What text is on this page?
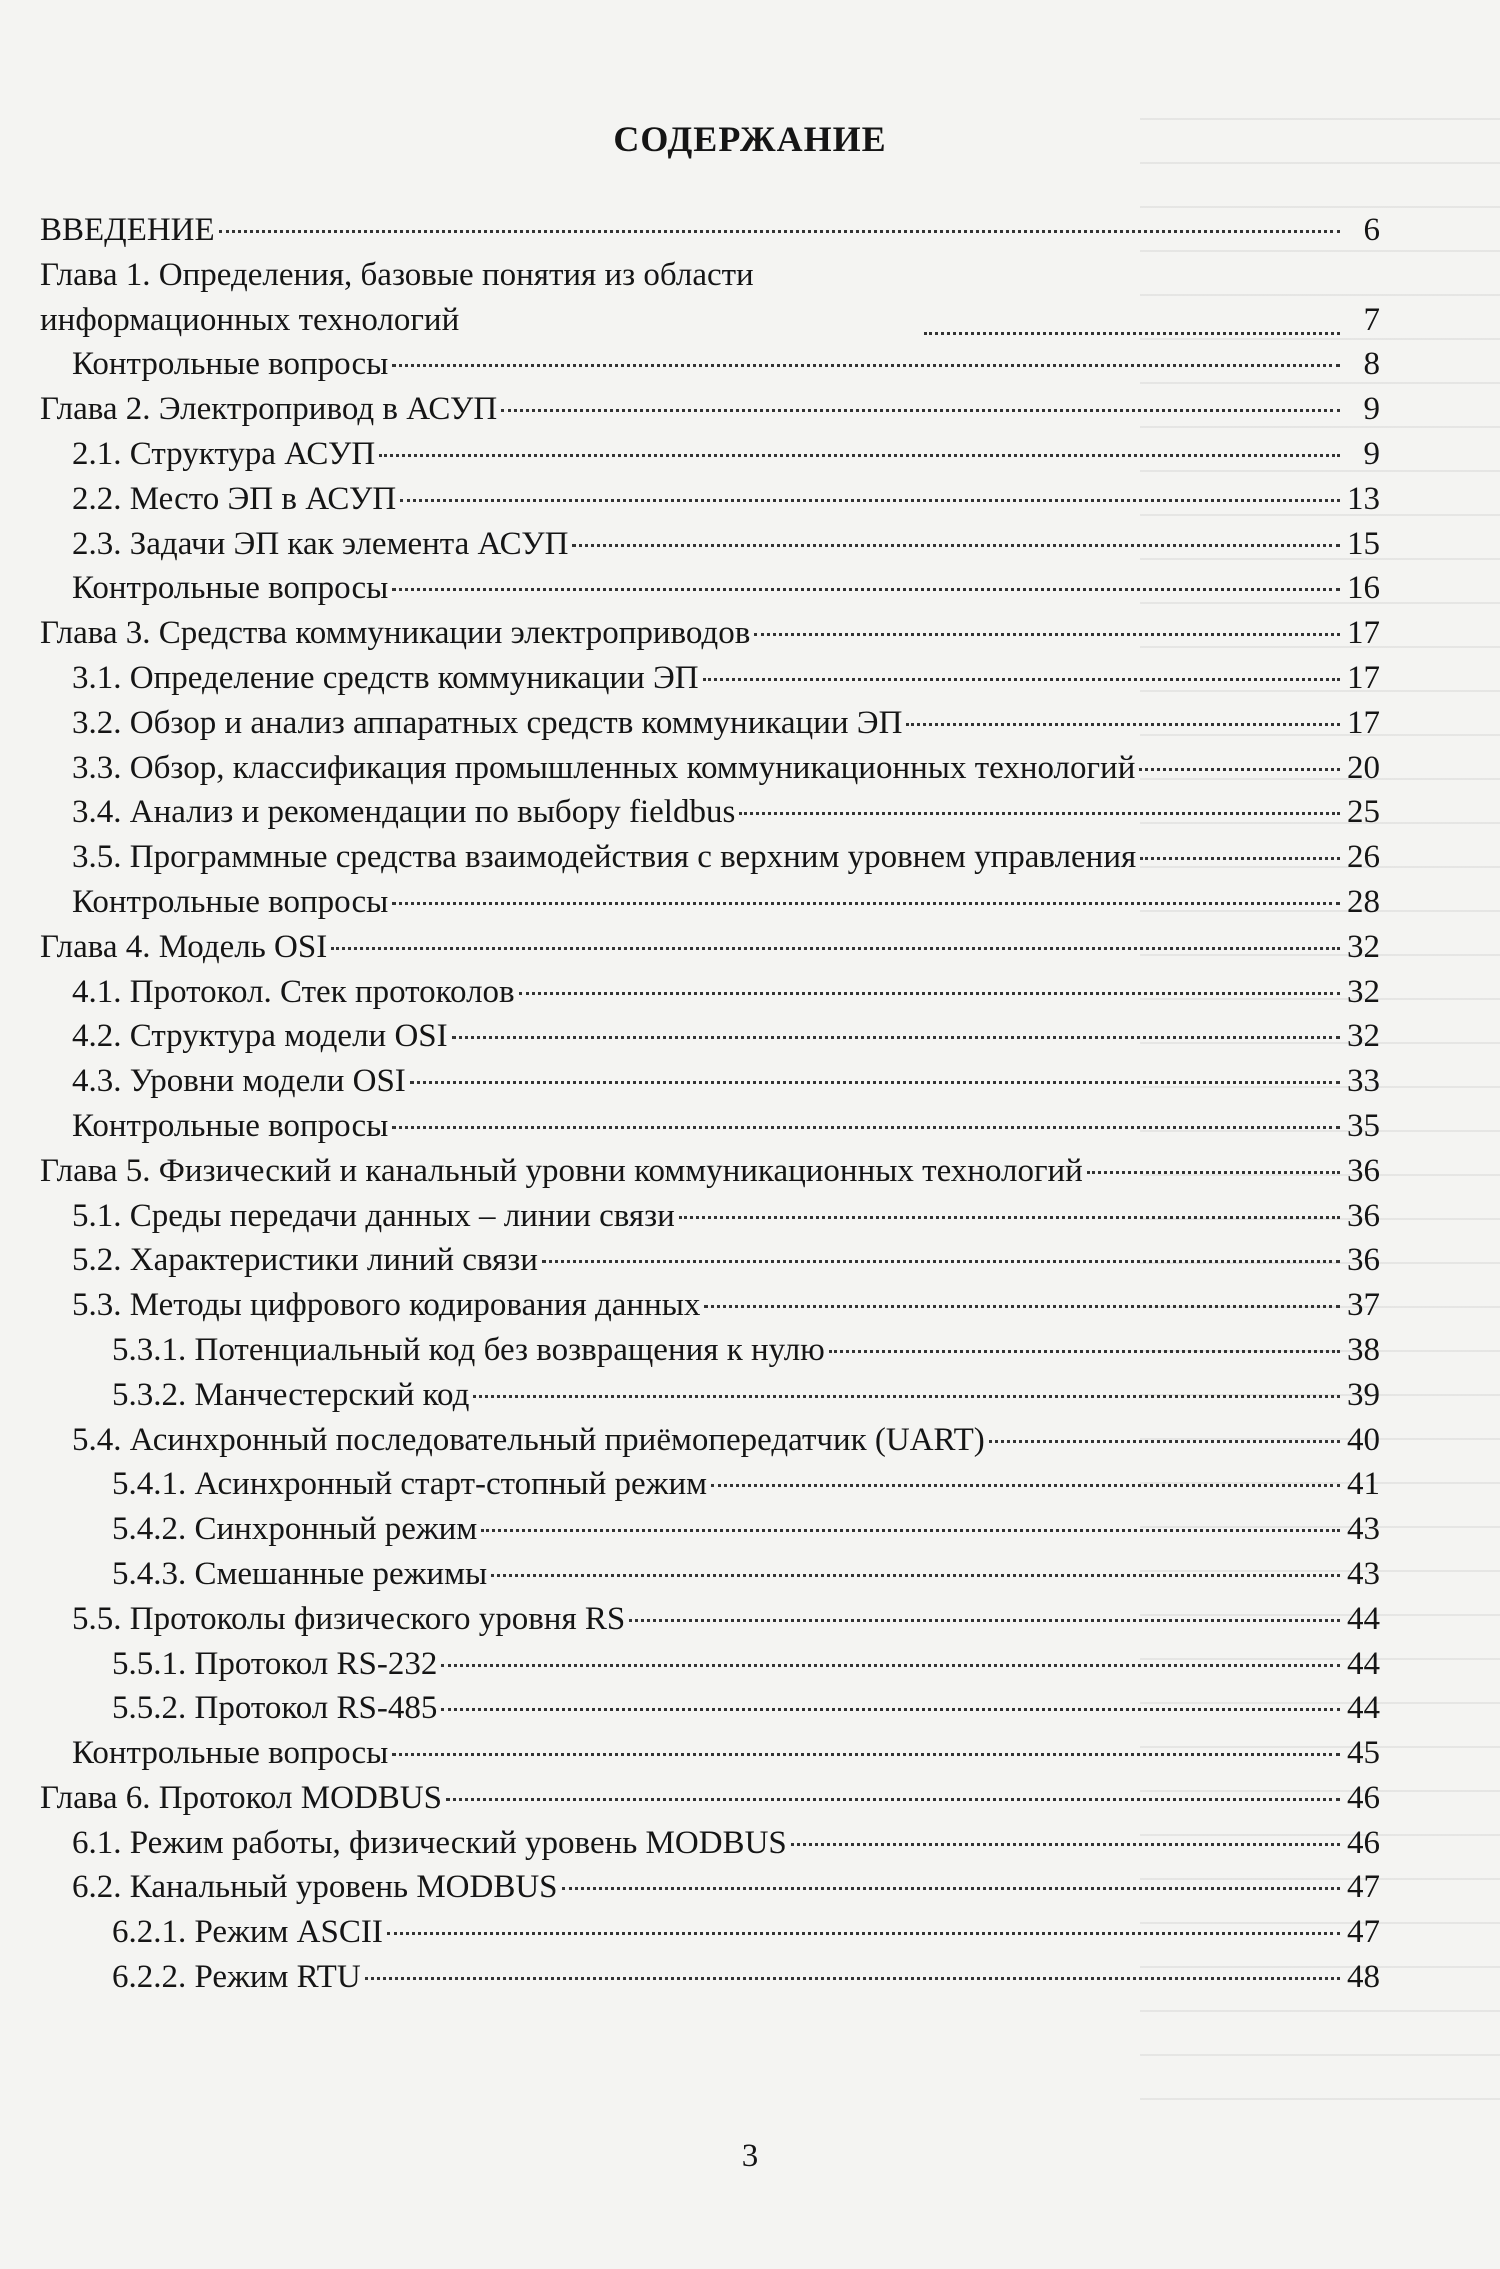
СОДЕРЖАНИЕ
ВВЕДЕНИЕ	6
Глава 1. Определения, базовые понятия из области информационных технологий	7
Контрольные вопросы	8
Глава 2. Электропривод в АСУП	9
2.1. Структура АСУП	9
2.2. Место ЭП в АСУП	13
2.3. Задачи ЭП как элемента АСУП	15
Контрольные вопросы	16
Глава 3. Средства коммуникации электроприводов	17
3.1. Определение средств коммуникации ЭП	17
3.2. Обзор и анализ аппаратных средств коммуникации ЭП	17
3.3. Обзор, классификация промышленных коммуникационных технологий	20
3.4. Анализ и рекомендации по выбору fieldbus	25
3.5. Программные средства взаимодействия с верхним уровнем управления	26
Контрольные вопросы	28
Глава 4. Модель OSI	32
4.1. Протокол. Стек протоколов	32
4.2. Структура модели OSI	32
4.3. Уровни модели OSI	33
Контрольные вопросы	35
Глава 5. Физический и канальный уровни коммуникационных технологий	36
5.1. Среды передачи данных – линии связи	36
5.2. Характеристики линий связи	36
5.3. Методы цифрового кодирования данных	37
5.3.1. Потенциальный код без возвращения к нулю	38
5.3.2. Манчестерский код	39
5.4. Асинхронный последовательный приёмопередатчик (UART)	40
5.4.1. Асинхронный старт-стопный режим	41
5.4.2. Синхронный режим	43
5.4.3. Смешанные режимы	43
5.5. Протоколы физического уровня RS	44
5.5.1. Протокол RS-232	44
5.5.2. Протокол RS-485	44
Контрольные вопросы	45
Глава 6. Протокол MODBUS	46
6.1. Режим работы, физический уровень MODBUS	46
6.2. Канальный уровень MODBUS	47
6.2.1. Режим ASCII	47
6.2.2. Режим RTU	48
3
